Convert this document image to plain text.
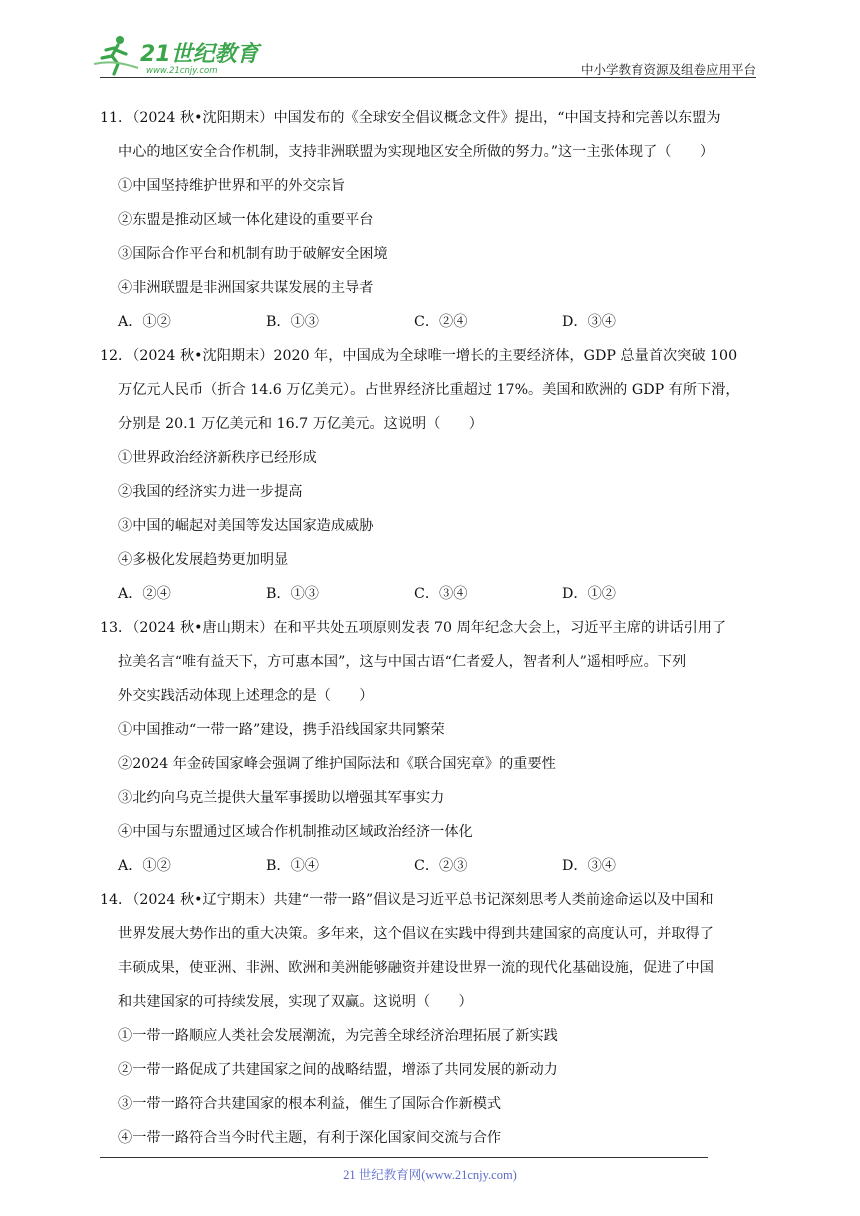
21世纪教育
www.21cnjy.com	中小学教育资源及组卷应用平台
11．（2024 秋•沈阳期末）中国发布的《全球安全倡议概念文件》提出，“中国支持和完善以东盟为
中心的地区安全合作机制，支持非洲联盟为实现地区安全所做的努力。”这一主张体现了（　　）
①中国坚持维护世界和平的外交宗旨
②东盟是推动区域一体化建设的重要平台
③国际合作平台和机制有助于破解安全困境
④非洲联盟是非洲国家共谋发展的主导者
A．①②	B．①③	C．②④	D．③④
12．（2024 秋•沈阳期末）2020 年，中国成为全球唯一增长的主要经济体，GDP 总量首次突破 100
万亿元人民币（折合 14.6 万亿美元）。占世界经济比重超过 17%。美国和欧洲的 GDP 有所下滑，
分别是 20.1 万亿美元和 16.7 万亿美元。这说明（　　）
①世界政治经济新秩序已经形成
②我国的经济实力进一步提高
③中国的崛起对美国等发达国家造成威胁
④多极化发展趋势更加明显
A．②④	B．①③	C．③④	D．①②
13．（2024 秋•唐山期末）在和平共处五项原则发表 70 周年纪念大会上，习近平主席的讲话引用了
拉美名言“唯有益天下，方可惠本国”，这与中国古语“仁者爱人，智者利人”遥相呼应。下列
外交实践活动体现上述理念的是（　　）
①中国推动“一带一路”建设，携手沿线国家共同繁荣
②2024 年金砖国家峰会强调了维护国际法和《联合国宪章》的重要性
③北约向乌克兰提供大量军事援助以增强其军事实力
④中国与东盟通过区域合作机制推动区域政治经济一体化
A．①②	B．①④	C．②③	D．③④
14．（2024 秋•辽宁期末）共建“一带一路”倡议是习近平总书记深刻思考人类前途命运以及中国和
世界发展大势作出的重大决策。多年来，这个倡议在实践中得到共建国家的高度认可，并取得了
丰硕成果，使亚洲、非洲、欧洲和美洲能够融资并建设世界一流的现代化基础设施，促进了中国
和共建国家的可持续发展，实现了双赢。这说明（　　）
①一带一路顺应人类社会发展潮流，为完善全球经济治理拓展了新实践
②一带一路促成了共建国家之间的战略结盟，增添了共同发展的新动力
③一带一路符合共建国家的根本利益，催生了国际合作新模式
④一带一路符合当今时代主题，有利于深化国家间交流与合作
21 世纪教育网(www.21cnjy.com)
